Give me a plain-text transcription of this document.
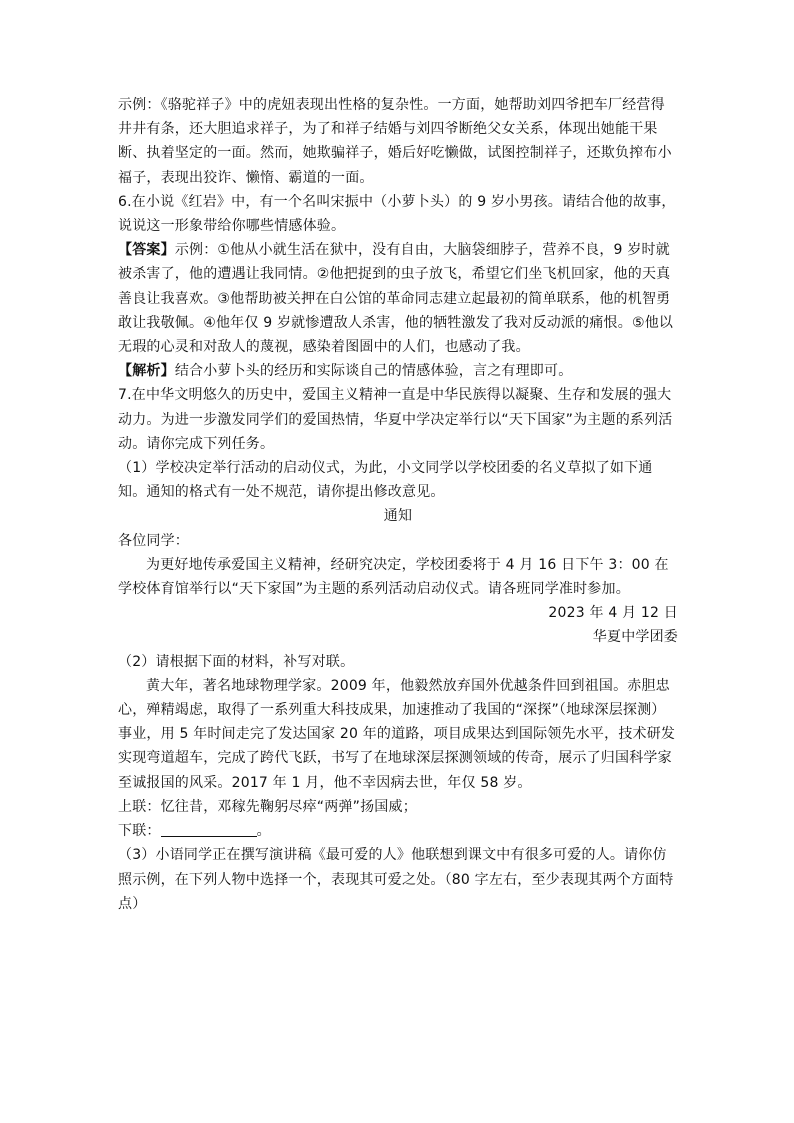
示例：《骆驼祥子》中的虎妞表现出性格的复杂性。一方面，她帮助刘四爷把车厂经营得井井有条，还大胆追求祥子，为了和祥子结婚与刘四爷断绝父女关系，体现出她能干果断、执着坚定的一面。然而，她欺骗祥子，婚后好吃懒做，试图控制祥子，还欺负搾布小福子，表现出狡诈、懒惰、霸道的一面。

6.在小说《红岩》中，有一个名叫宋振中（小萝卜头）的 9 岁小男孩。请结合他的故事，说说这一形象带给你哪些情感体验。

【答案】示例：①他从小就生活在狱中，没有自由，大脑袋细脖子，营养不良，9 岁时就被杀害了，他的遭遇让我同情。②他把捉到的虫子放飞，希望它们坐飞机回家，他的天真善良让我喜欢。③他帮助被关押在白公馆的革命同志建立起最初的简单联系，他的机智勇敢让我敬佩。④他年仅 9 岁就惨遭敌人杀害，他的牺牲激发了我对反动派的痛恨。⑤他以无瑕的心灵和对敌人的蔑视，感染着图圄中的人们，也感动了我。

【解析】结合小萝卜头的经历和实际谈自己的情感体验，言之有理即可。

7.在中华文明悠久的历史中，爱国主义精神一直是中华民族得以凝聚、生存和发展的强大动力。为进一步激发同学们的爱国热情，华夏中学决定举行以“天下国家”为主题的系列活动。请你完成下列任务。

（1）学校决定举行活动的启动仪式，为此，小文同学以学校团委的名义草拟了如下通知。通知的格式有一处不规范，请你提出修改意见。

通知

各位同学：

为更好地传承爱国主义精神，经研究决定，学校团委将于 4 月 16 日下午 3：00 在学校体育馆举行以“天下家国”为主题的系列活动启动仪式。请各班同学准时参加。

2023 年 4 月 12 日

华夏中学团委

（2）请根据下面的材料，补写对联。

黄大年，著名地球物理学家。2009 年，他毅然放弃国外优越条件回到祖国。赤胆忠心，殚精竭虑，取得了一系列重大科技成果，加速推动了我国的“深探”（地球深层探测）事业，用 5 年时间走完了发达国家 20 年的道路，项目成果达到国际领先水平，技术研发实现弯道超车，完成了跨代飞跃，书写了在地球深层探测领域的传奇，展示了归国科学家至诚报国的风采。2017 年 1 月，他不幸因病去世，年仅 58 岁。

上联：忆往昔，邓稼先鞠躬尽瘁“两弹”扬国威；

下联：	。

（3）小语同学正在撰写演讲稿《最可爱的人》他联想到课文中有很多可爱的人。请你仿照示例，在下列人物中选择一个，表现其可爱之处。（80 字左右，至少表现其两个方面特点）
